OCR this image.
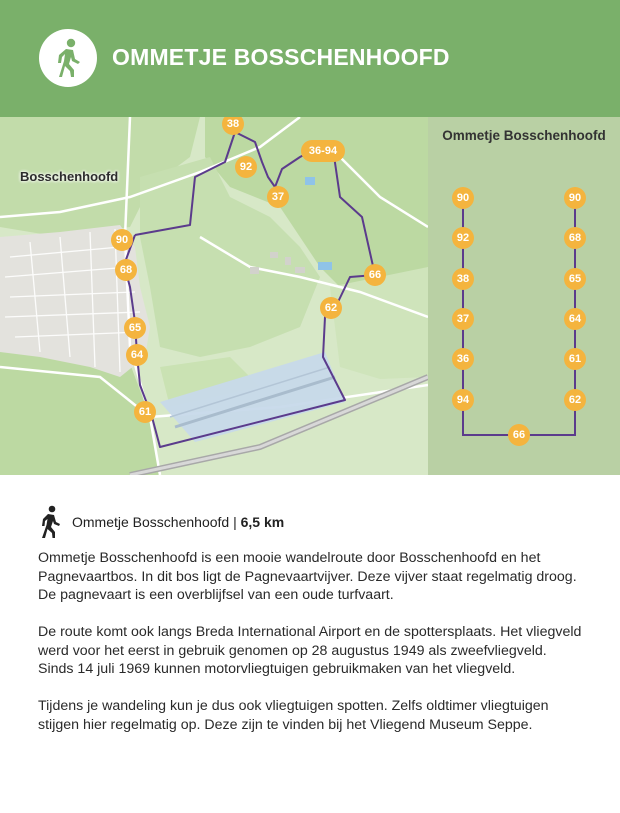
OMMETJE BOSSCHENHOOFD
Bosschenhoofd
38
92
36-94
37
90
68	66
62
65
64
61
Ommetje Bosschenhoofd
90
92
38
37
36
94
90
68
65
64
61
62
66
Ommetje Bosschenhoofd | 6,5 km

Ommetje Bosschenhoofd is een mooie wandelroute door Bosschenhoofd en het Pagnevaartbos. In dit bos ligt de Pagnevaartvijver. Deze vijver staat regelmatig droog. De pagnevaart is een overblijfsel van een oude turfvaart.

De route komt ook langs Breda International Airport en de spottersplaats. Het vliegveld werd voor het eerst in gebruik genomen op 28 augustus 1949 als zweefvliegveld. Sinds 14 juli 1969 kunnen motorvliegtuigen gebruikmaken van het vliegveld.

Tijdens je wandeling kun je dus ook vliegtuigen spotten. Zelfs oldtimer vliegtuigen stijgen hier regelmatig op. Deze zijn te vinden bij het Vliegend Museum Seppe.
